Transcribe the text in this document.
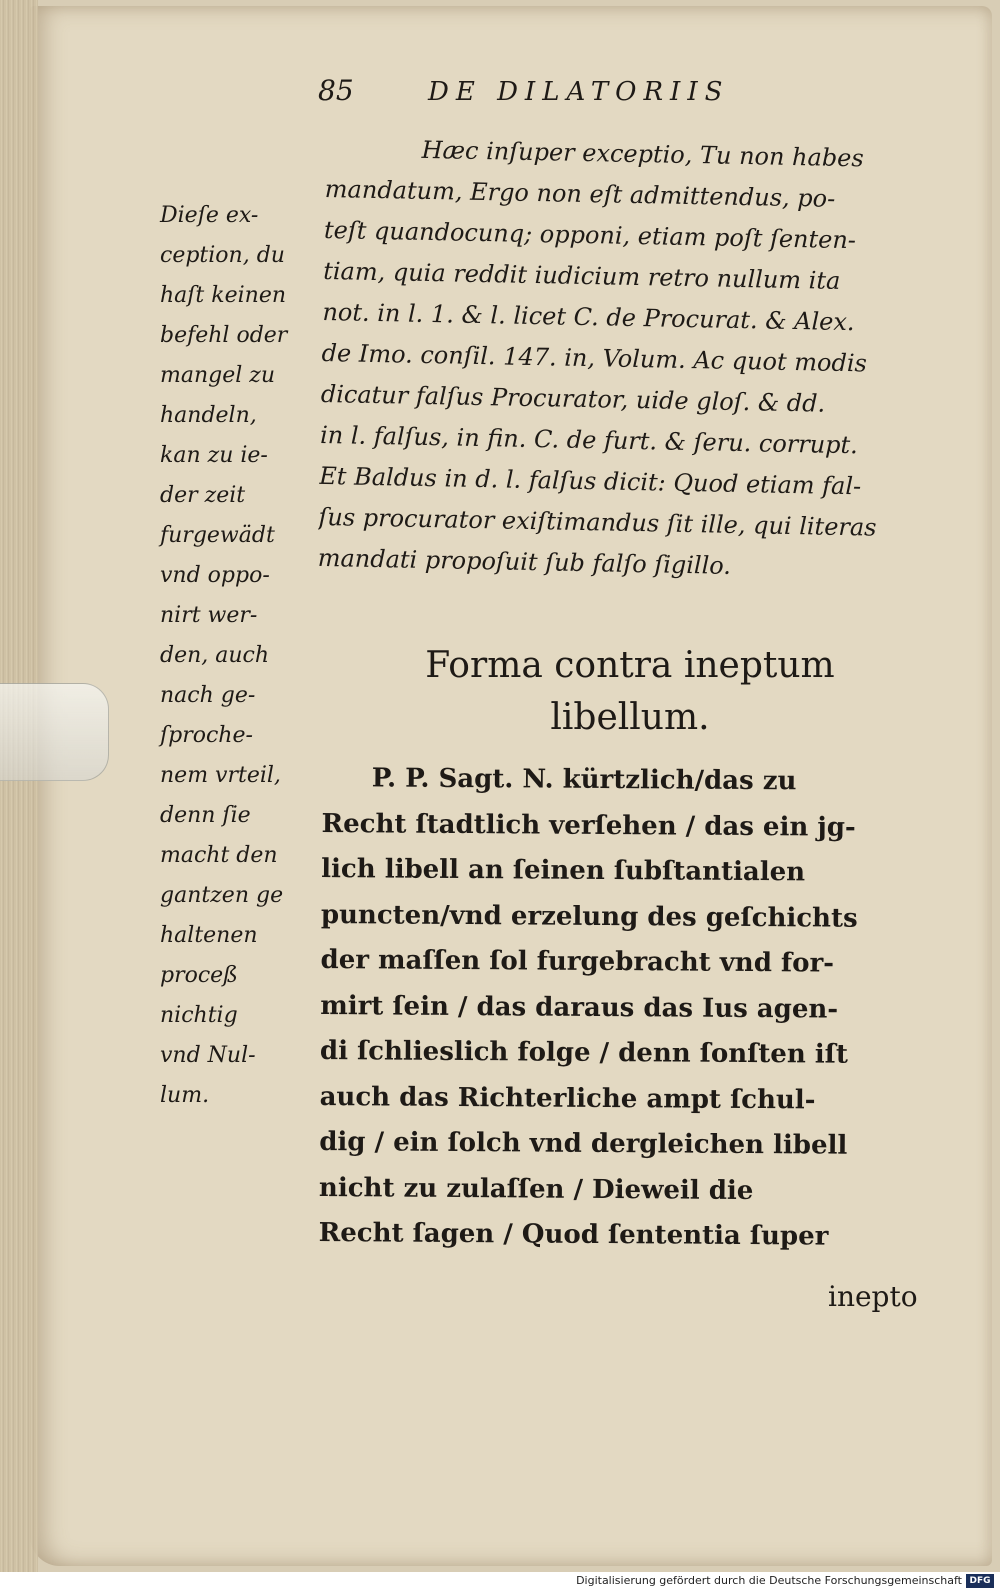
85	DE DILATORIIS
Hæc inſuper exceptio, Tu non habes
mandatum, Ergo non eſt admittendus, po-
teſt quandocunq; opponi, etiam poſt ſenten-
tiam, quia reddit iudicium retro nullum ita
not. in l. 1. & l. licet C. de Procurat. & Alex.
de Imo. conſil. 147. in, Volum. Ac quot modis
dicatur falſus Procurator, uide gloſ. & dd.
in l. falſus, in fin. C. de furt. & ſeru. corrupt.
Et Baldus in d. l. falſus dicit: Quod etiam fal-
ſus procurator exiſtimandus ſit ille, qui literas
mandati propoſuit ſub falſo ſigillo.
Dieſe ex-
ception, du
haſt keinen
befehl oder
mangel zu
handeln,
kan zu ie-
der zeit
furgewädt
vnd oppo-
nirt wer-
den, auch
nach ge-
ſproche-
nem vrteil,
denn ſie
macht den
gantzen ge
haltenen
proceß
nichtig
vnd Nul-
lum.
Forma contra ineptum
libellum.
P. P. Sagt. N. kürtzlich/das zu
Recht ſtadtlich verſehen / das ein jg-
lich libell an ſeinen ſubſtantialen
puncten/vnd erzelung des geſchichts
der maſſen ſol furgebracht vnd for-
mirt ſein / das daraus das Ius agen-
di ſchlieslich folge / denn ſonſten iſt
auch das Richterliche ampt ſchul-
dig / ein ſolch vnd dergleichen libell
nicht zu zulaſſen / Dieweil die
Recht ſagen / Quod ſententia ſuper
inepto
Digitalisierung gefördert durch die Deutsche Forschungsgemeinschaft DFG
